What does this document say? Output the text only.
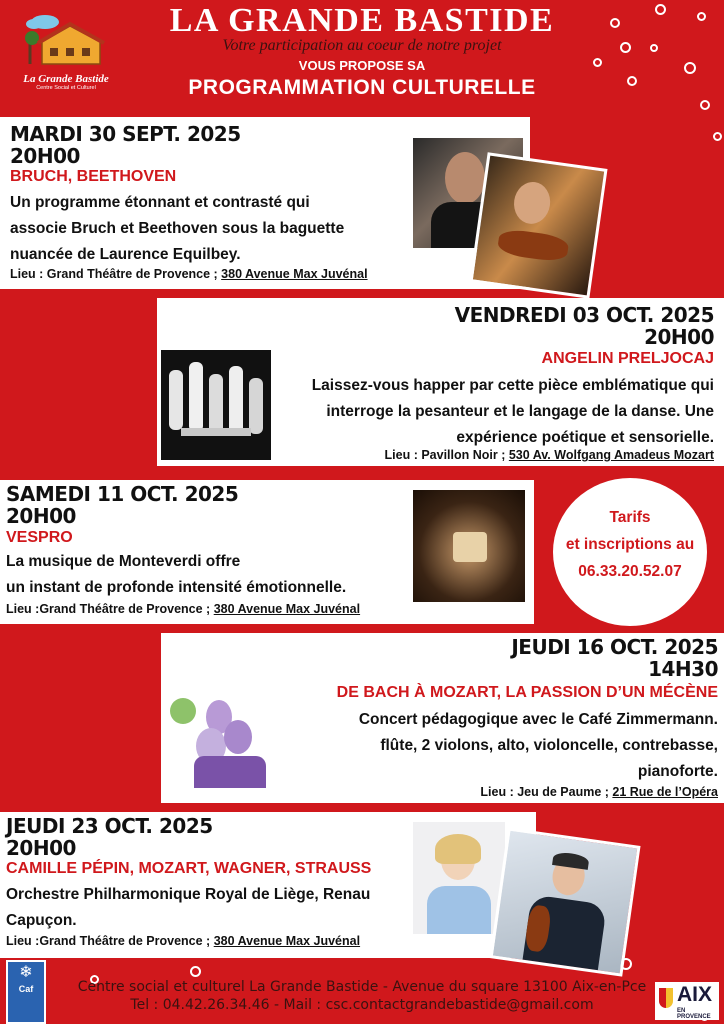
La Grande Bastide
Centre Social et Culturel
LA GRANDE BASTIDE
Votre participation au coeur de notre projet
VOUS PROPOSE SA
PROGRAMMATION CULTURELLE
MARDI 30 SEPT. 2025
20H00
BRUCH, BEETHOVEN
Un programme étonnant et contrasté qui
associe Bruch et Beethoven sous la baguette
nuancée de Laurence Equilbey.
Lieu : Grand Théâtre de Provence ; 380 Avenue Max Juvénal
VENDREDI 03 OCT. 2025
20H00
ANGELIN PRELJOCAJ
Laissez-vous happer par cette pièce emblématique qui
interroge la pesanteur et le langage de la danse. Une
expérience poétique et sensorielle.
Lieu : Pavillon Noir ; 530 Av. Wolfgang Amadeus Mozart
SAMEDI 11 OCT. 2025
20H00
VESPRO
La musique de Monteverdi offre
un instant de profonde intensité émotionnelle.
Lieu :Grand Théâtre de Provence ; 380 Avenue Max Juvénal
Tarifs
et inscriptions au
06.33.20.52.07
JEUDI 16 OCT. 2025
14H30
DE BACH À MOZART, LA PASSION D’UN MÉCÈNE
Concert pédagogique avec le Café Zimmermann.
flûte, 2 violons, alto, violoncelle, contrebasse,
pianoforte.
Lieu : Jeu de Paume ; 21 Rue de l’Opéra
JEUDI 23 OCT. 2025
20H00
CAMILLE PÉPIN, MOZART, WAGNER, STRAUSS
Orchestre Philharmonique Royal de Liège, Renau
Capuçon.
Lieu :Grand Théâtre de Provence ; 380 Avenue Max Juvénal
❄
Caf	Centre social et culturel La Grande Bastide - Avenue du square 13100 Aix-en-Pce
Tel : 04.42.26.34.46 - Mail : csc.contactgrandebastide@gmail.com	AIX
EN PROVENCE
